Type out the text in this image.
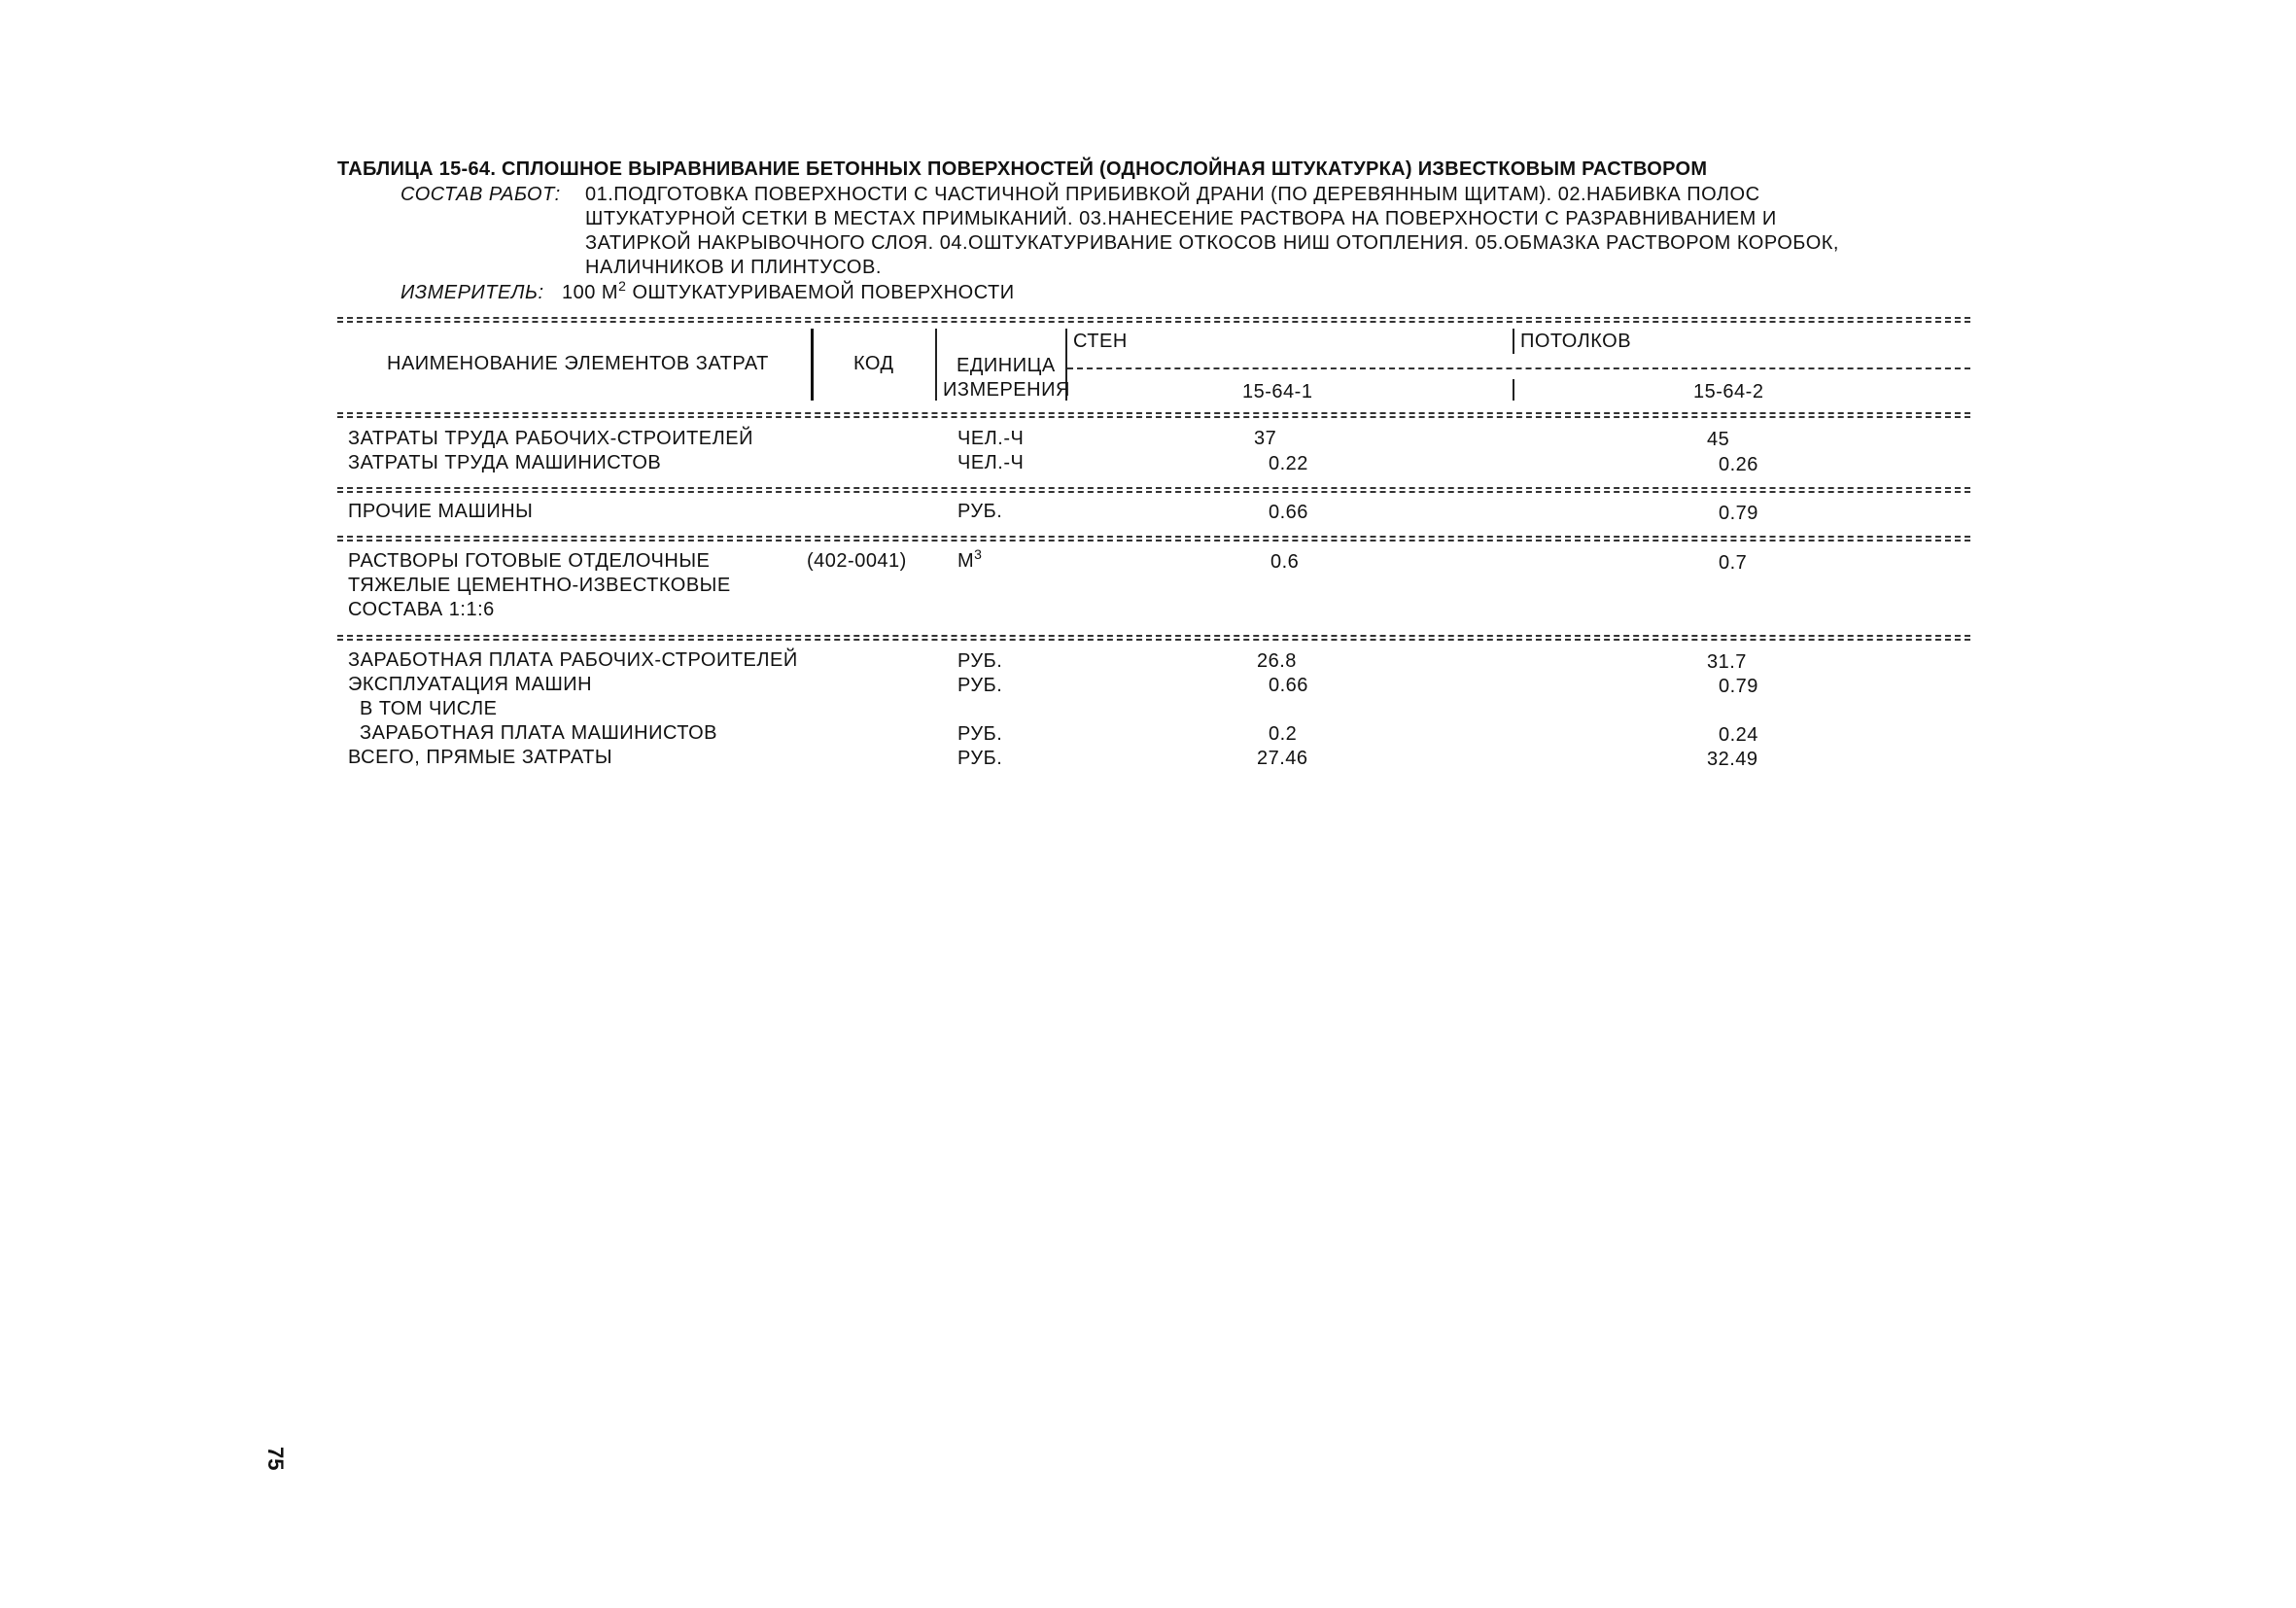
ТАБЛИЦА 15-64. СПЛОШНОЕ ВЫРАВНИВАНИЕ БЕТОННЫХ ПОВЕРХНОСТЕЙ (ОДНОСЛОЙНАЯ ШТУКАТУРКА) ИЗВЕСТКОВЫМ РАСТВОРОМ
СОСТАВ РАБОТ: 01.ПОДГОТОВКА ПОВЕРХНОСТИ С ЧАСТИЧНОЙ ПРИБИВКОЙ ДРАНИ (ПО ДЕРЕВЯННЫМ ЩИТАМ). 02.НАБИВКА ПОЛОС
ШТУКАТУРНОЙ СЕТКИ В МЕСТАХ ПРИМЫКАНИЙ. 03.НАНЕСЕНИЕ РАСТВОРА НА ПОВЕРХНОСТИ С РАЗРАВНИВАНИЕМ И
ЗАТИРКОЙ НАКРЫВОЧНОГО СЛОЯ. 04.ОШТУКАТУРИВАНИЕ ОТКОСОВ НИШ ОТОПЛЕНИЯ. 05.ОБМАЗКА РАСТВОРОМ КОРОБОК,
НАЛИЧНИКОВ И ПЛИНТУСОВ.
ИЗМЕРИТЕЛЬ: 100 $М^2$ ОШТУКАТУРИВАЕМОЙ ПОВЕРХНОСТИ
НАИМЕНОВАНИЕ ЭЛЕМЕНТОВ ЗАТРАТ	КОД	ЕДИНИЦА
ИЗМЕРЕНИЯ
СТЕН	ПОТОЛКОВ
15-64-1	15-64-2
ЗАТРАТЫ ТРУДА РАБОЧИХ-СТРОИТЕЛЕЙ	ЧЕЛ.-Ч	37	45
ЗАТРАТЫ ТРУДА МАШИНИСТОВ	ЧЕЛ.-Ч	0.22	0.26
ПРОЧИЕ МАШИНЫ	РУБ.	0.66	0.79
РАСТВОРЫ ГОТОВЫЕ ОТДЕЛОЧНЫЕ
ТЯЖЕЛЫЕ ЦЕМЕНТНО-ИЗВЕСТКОВЫЕ
СОСТАВА 1:1:6
(402-0041)	$М^3$	0.6	0.7
ЗАРАБОТНАЯ ПЛАТА РАБОЧИХ-СТРОИТЕЛЕЙ	РУБ.	26.8	31.7
ЭКСПЛУАТАЦИЯ МАШИН	РУБ.	0.66	0.79
В ТОМ ЧИСЛЕ
ЗАРАБОТНАЯ ПЛАТА МАШИНИСТОВ	РУБ.	0.2	0.24
ВСЕГО, ПРЯМЫЕ ЗАТРАТЫ	РУБ.	27.46	32.49
75
